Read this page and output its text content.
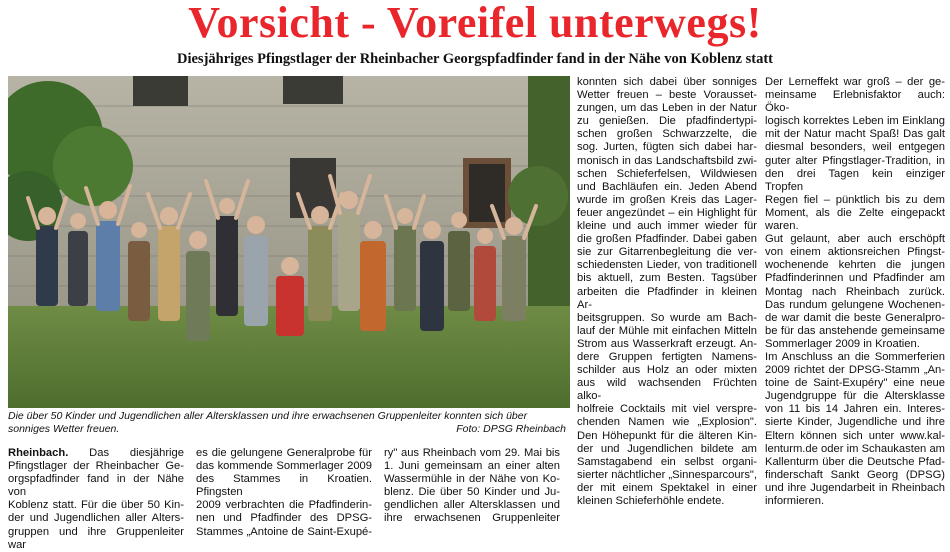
Vorsicht - Voreifel unterwegs!
Diesjähriges Pfingstlager der Rheinbacher Georgspfadfinder fand in der Nähe von Koblenz statt
Die über 50 Kinder und Jugendlichen aller Altersklassen und ihre erwachsenen Gruppenleiter konnten sich über sonniges Wetter freuen.	Foto: DPSG Rheinbach

Rheinbach. Das diesjährige

Pfingstlager der Rheinbacher Ge-

orgspfadfinder fand in der Nähe von

Koblenz statt. Für die über 50 Kin-

der und Jugendlichen aller Alters-

gruppen und ihre Gruppenleiter war

es die gelungene Generalprobe für

das kommende Sommerlager 2009

des Stammes in Kroatien. Pfingsten

2009 verbrachten die Pfadfinderin-

nen und Pfadfinder des DPSG-

Stammes „Antoine de Saint-Exupé-

ry" aus Rheinbach vom 29. Mai bis

1. Juni gemeinsam an einer alten

Wassermühle in der Nähe von Ko-

blenz. Die über 50 Kinder und Ju-

gendlichen aller Altersklassen und

ihre erwachsenen Gruppenleiter

konnten sich dabei über sonniges

Wetter freuen – beste Vorausset-

zungen, um das Leben in der Natur

zu genießen. Die pfadfindertypi-

schen großen Schwarzzelte, die

sog. Jurten, fügten sich dabei har-

monisch in das Landschaftsbild zwi-

schen Schieferfelsen, Wildwiesen

und Bachläufen ein. Jeden Abend

wurde im großen Kreis das Lager-

feuer angezündet – ein Highlight für

kleine und auch immer wieder für

die großen Pfadfinder. Dabei gaben

sie zur Gitarrenbegleitung die ver-

schiedensten Lieder, von traditionell

bis aktuell, zum Besten. Tagsüber

arbeiten die Pfadfinder in kleinen Ar-

beitsgruppen. So wurde am Bach-

lauf der Mühle mit einfachen Mitteln

Strom aus Wasserkraft erzeugt. An-

dere Gruppen fertigten Namens-

schilder aus Holz an oder mixten

aus wild wachsenden Früchten alko-

holfreie Cocktails mit viel verspre-

chenden Namen wie „Explosion".

Den Höhepunkt für die älteren Kin-

der und Jugendlichen bildete am

Samstagabend ein selbst organi-

sierter nächtlicher „Sinnesparcours",

der mit einem Spektakel in einer

kleinen Schieferhöhle endete.

Der Lerneffekt war groß – der ge-

meinsame Erlebnisfaktor auch: Öko-

logisch korrektes Leben im Einklang

mit der Natur macht Spaß! Das galt

diesmal besonders, weil entgegen

guter alter Pfingstlager-Tradition, in

den drei Tagen kein einziger Tropfen

Regen fiel – pünktlich bis zu dem

Moment, als die Zelte eingepackt

waren.

Gut gelaunt, aber auch erschöpft

von einem aktionsreichen Pfingst-

wochenende kehrten die jungen

Pfadfinderinnen und Pfadfinder am

Montag nach Rheinbach zurück.

Das rundum gelungene Wochenen-

de war damit die beste Generalpro-

be für das anstehende gemeinsame

Sommerlager 2009 in Kroatien.

Im Anschluss an die Sommerferien

2009 richtet der DPSG-Stamm „An-

toine de Saint-Exupéry" eine neue

Jugendgruppe für die Altersklasse

von 11 bis 14 Jahren ein. Interes-

sierte Kinder, Jugendliche und ihre

Eltern können sich unter www.kal-

lenturm.de oder im Schaukasten am

Kallenturm über die Deutsche Pfad-

finderschaft Sankt Georg (DPSG)

und ihre Jugendarbeit in Rheinbach

informieren.
